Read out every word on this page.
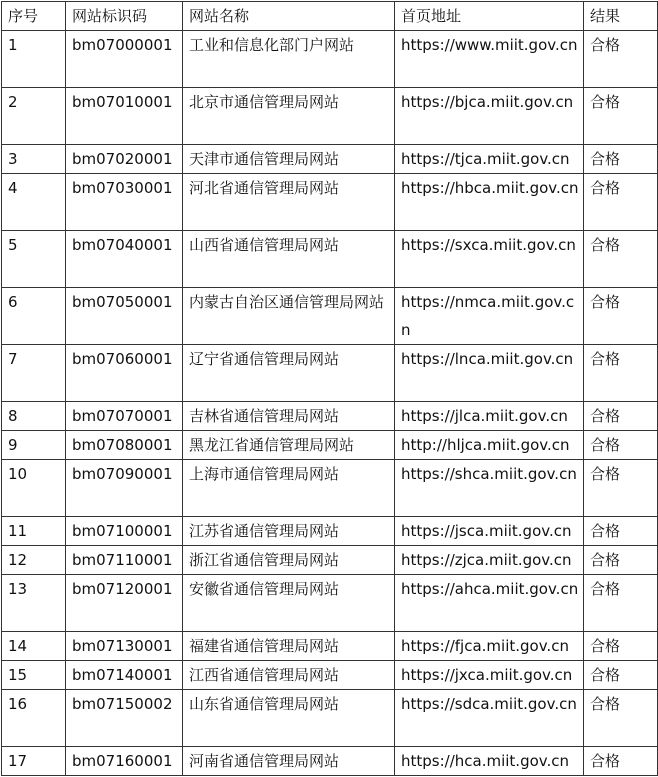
序号	网站标识码	网站名称	首页地址	结果
1	bm07000001	工业和信息化部门户网站	https://www.miit.gov.cn	合格
2	bm07010001	北京市通信管理局网站	https://bjca.miit.gov.cn	合格
3	bm07020001	天津市通信管理局网站	https://tjca.miit.gov.cn	合格
4	bm07030001	河北省通信管理局网站	https://hbca.miit.gov.cn	合格
5	bm07040001	山西省通信管理局网站	https://sxca.miit.gov.cn	合格
6	bm07050001	内蒙古自治区通信管理局网站	https://nmca.miit.gov.cn	合格
7	bm07060001	辽宁省通信管理局网站	https://lnca.miit.gov.cn	合格
8	bm07070001	吉林省通信管理局网站	https://jlca.miit.gov.cn	合格
9	bm07080001	黑龙江省通信管理局网站	http://hljca.miit.gov.cn	合格
10	bm07090001	上海市通信管理局网站	https://shca.miit.gov.cn	合格
11	bm07100001	江苏省通信管理局网站	https://jsca.miit.gov.cn	合格
12	bm07110001	浙江省通信管理局网站	https://zjca.miit.gov.cn	合格
13	bm07120001	安徽省通信管理局网站	https://ahca.miit.gov.cn	合格
14	bm07130001	福建省通信管理局网站	https://fjca.miit.gov.cn	合格
15	bm07140001	江西省通信管理局网站	https://jxca.miit.gov.cn	合格
16	bm07150002	山东省通信管理局网站	https://sdca.miit.gov.cn	合格
17	bm07160001	河南省通信管理局网站	https://hca.miit.gov.cn	合格
